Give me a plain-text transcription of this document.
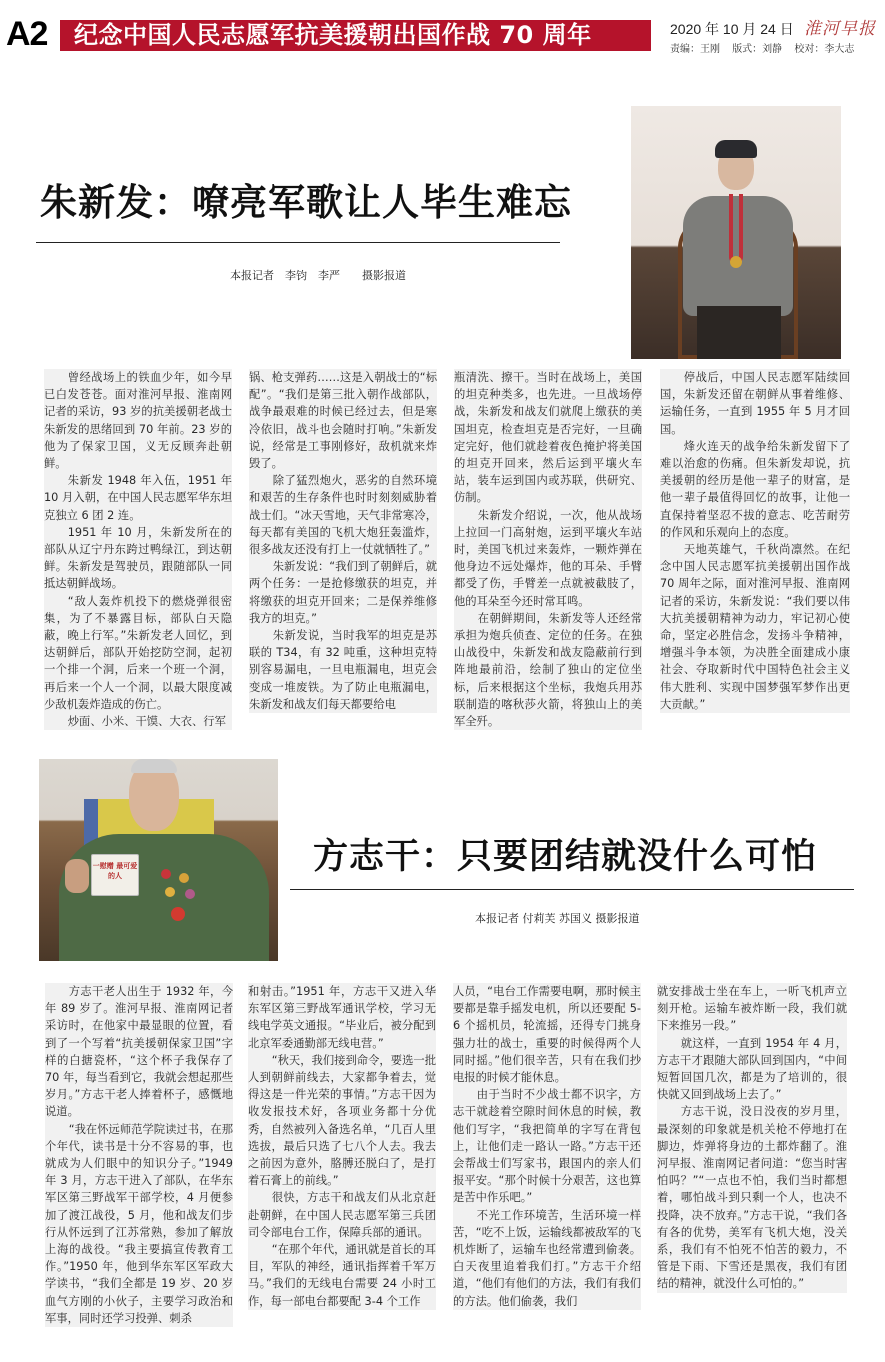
A2	纪念中国人民志愿军抗美援朝出国作战 70 周年	2020 年 10 月 24 日 淮河早报
责编：王刚 版式：刘静 校对：李大志
朱新发：嘹亮军歌让人毕生难忘
本报记者　李钧　李严　　摄影报道

曾经战场上的铁血少年，如今早已白发苍苍。面对淮河早报、淮南网记者的采访，93 岁的抗美援朝老战士朱新发的思绪回到 70 年前。23 岁的他为了保家卫国，义无反顾奔赴朝鲜。

朱新发 1948 年入伍，1951 年 10 月入朝，在中国人民志愿军华东坦克独立 6 团 2 连。

1951 年 10 月，朱新发所在的部队从辽宁丹东跨过鸭绿江，到达朝鲜。朱新发是驾驶员，跟随部队一同抵达朝鲜战场。

“敌人轰炸机投下的燃烧弹很密集，为了不暴露目标，部队白天隐蔽，晚上行军。”朱新发老人回忆，到达朝鲜后，部队开始挖防空洞，起初一个排一个洞，后来一个班一个洞，再后来一个人一个洞，以最大限度减少敌机轰炸造成的伤亡。

炒面、小米、干馍、大衣、行军

锅、枪支弹药……这是入朝战士的“标配”。“我们是第三批入朝作战部队，战争最艰难的时候已经过去，但是寒冷依旧，战斗也会随时打响。”朱新发说，经常是工事刚修好，敌机就来炸毁了。

除了猛烈炮火，恶劣的自然环境和艰苦的生存条件也时时刻刻威胁着战士们。“冰天雪地，天气非常寒冷，每天都有美国的飞机大炮狂轰滥炸，很多战友还没有打上一仗就牺牲了。”

朱新发说：“我们到了朝鲜后，就两个任务：一是抢修缴获的坦克，并将缴获的坦克开回来；二是保养维修我方的坦克。”

朱新发说，当时我军的坦克是苏联的 T34，有 32 吨重，这种坦克特别容易漏电，一旦电瓶漏电，坦克会变成一堆废铁。为了防止电瓶漏电，朱新发和战友们每天都要给电

瓶清洗、擦干。当时在战场上，美国的坦克种类多，也先进。一旦战场停战，朱新发和战友们就爬上缴获的美国坦克，检查坦克是否完好，一旦确定完好，他们就趁着夜色掩护将美国的坦克开回来，然后运到平壤火车站，装车运到国内或苏联，供研究、仿制。

朱新发介绍说，一次，他从战场上拉回一门高射炮，运到平壤火车站时，美国飞机过来轰炸，一颗炸弹在他身边不远处爆炸，他的耳朵、手臂都受了伤，手臂差一点就被截肢了，他的耳朵至今还时常耳鸣。

在朝鲜期间，朱新发等人还经常承担为炮兵侦查、定位的任务。在独山战役中，朱新发和战友隐蔽前行到阵地最前沿，绘制了独山的定位坐标，后来根据这个坐标，我炮兵用苏联制造的喀秋莎火箭，将独山上的美军全歼。

停战后，中国人民志愿军陆续回国，朱新发还留在朝鲜从事着维修、运输任务，一直到 1955 年 5 月才回国。

烽火连天的战争给朱新发留下了难以治愈的伤痛。但朱新发却说，抗美援朝的经历是他一辈子的财富，是他一辈子最值得回忆的故事，让他一直保持着坚忍不拔的意志、吃苦耐劳的作风和乐观向上的态度。

天地英雄气，千秋尚凛然。在纪念中国人民志愿军抗美援朝出国作战 70 周年之际，面对淮河早报、淮南网记者的采访，朱新发说：“我们要以伟大抗美援朝精神为动力，牢记初心使命，坚定必胜信念，发扬斗争精神，增强斗争本领，为决胜全面建成小康社会、夺取新时代中国特色社会主义伟大胜利、实现中国梦强军梦作出更大贡献。”

一慰赠 最可爱的人	方志干：只要团结就没什么可怕
本报记者 付莉芙 苏国义 摄影报道

方志干老人出生于 1932 年，今年 89 岁了。淮河早报、淮南网记者采访时，在他家中最显眼的位置，看到了一个写着“抗美援朝保家卫国”字样的白搪瓷杯，“这个杯子我保存了 70 年，每当看到它，我就会想起那些岁月。”方志干老人捧着杯子，感慨地说道。

“我在怀远师范学院读过书，在那个年代，读书是十分不容易的事，也就成为人们眼中的知识分子。”1949 年 3 月，方志干进入了部队，在华东军区第三野战军干部学校，4 月便参加了渡江战役，5 月，他和战友们步行从怀远到了江苏常熟，参加了解放上海的战役。“我主要搞宣传教育工作。”1950 年，他到华东军区军政大学读书，“我们全都是 19 岁、20 岁血气方刚的小伙子，主要学习政治和军事，同时还学习投弹、刺杀

和射击。”1951 年，方志干又进入华东军区第三野战军通讯学校，学习无线电学英文通报。“毕业后，被分配到北京军委通勤部无线电营。”

“秋天，我们接到命令，要选一批人到朝鲜前线去，大家都争着去，觉得这是一件光荣的事情。”方志干因为收发报技术好，各项业务都十分优秀，自然被列入备选名单，“几百人里选拔，最后只选了七八个人去。我去之前因为意外，胳膊还脱臼了，是打着石膏上的前线。”

很快，方志干和战友们从北京赶赴朝鲜，在中国人民志愿军第三兵团司令部电台工作，保障兵部的通讯。

“在那个年代，通讯就是首长的耳目，军队的神经，通讯指挥着千军万马。”我们的无线电台需要 24 小时工作，每一部电台都要配 3-4 个工作

人员，“电台工作需要电啊，那时候主要都是靠手摇发电机，所以还要配 5-6 个摇机员，轮流摇，还得专门挑身强力壮的战士，重要的时候得两个人同时摇。”他们很辛苦，只有在我们抄电报的时候才能休息。

由于当时不少战士都不识字，方志干就趁着空隙时间休息的时候，教他们写字，“我把简单的字写在背包上，让他们走一路认一路。”方志干还会帮战士们写家书，跟国内的亲人们报平安。“那个时候十分艰苦，这也算是苦中作乐吧。”

不光工作环境苦，生活环境一样苦，“吃不上饭，运输线都被敌军的飞机炸断了，运输车也经常遭到偷袭。白天夜里追着我们打。”方志干介绍道，“他们有他们的方法，我们有我们的方法。他们偷袭，我们

就安排战士坐在车上，一听飞机声立刻开枪。运输车被炸断一段，我们就下来推另一段。”

就这样，一直到 1954 年 4 月，方志干才跟随大部队回到国内，“中间短暂回国几次，都是为了培训的，很快就又回到战场上去了。”

方志干说，没日没夜的岁月里，最深刻的印象就是机关枪不停地打在脚边，炸弹将身边的土都炸翻了。淮河早报、淮南网记者问道：“您当时害怕吗？”“一点也不怕，我们当时都想着，哪怕战斗到只剩一个人，也决不投降，决不放弃。”方志干说，“我们各有各的优势，美军有飞机大炮，没关系，我们有不怕死不怕苦的毅力，不管是下雨、下雪还是黑夜，我们有团结的精神，就没什么可怕的。”
